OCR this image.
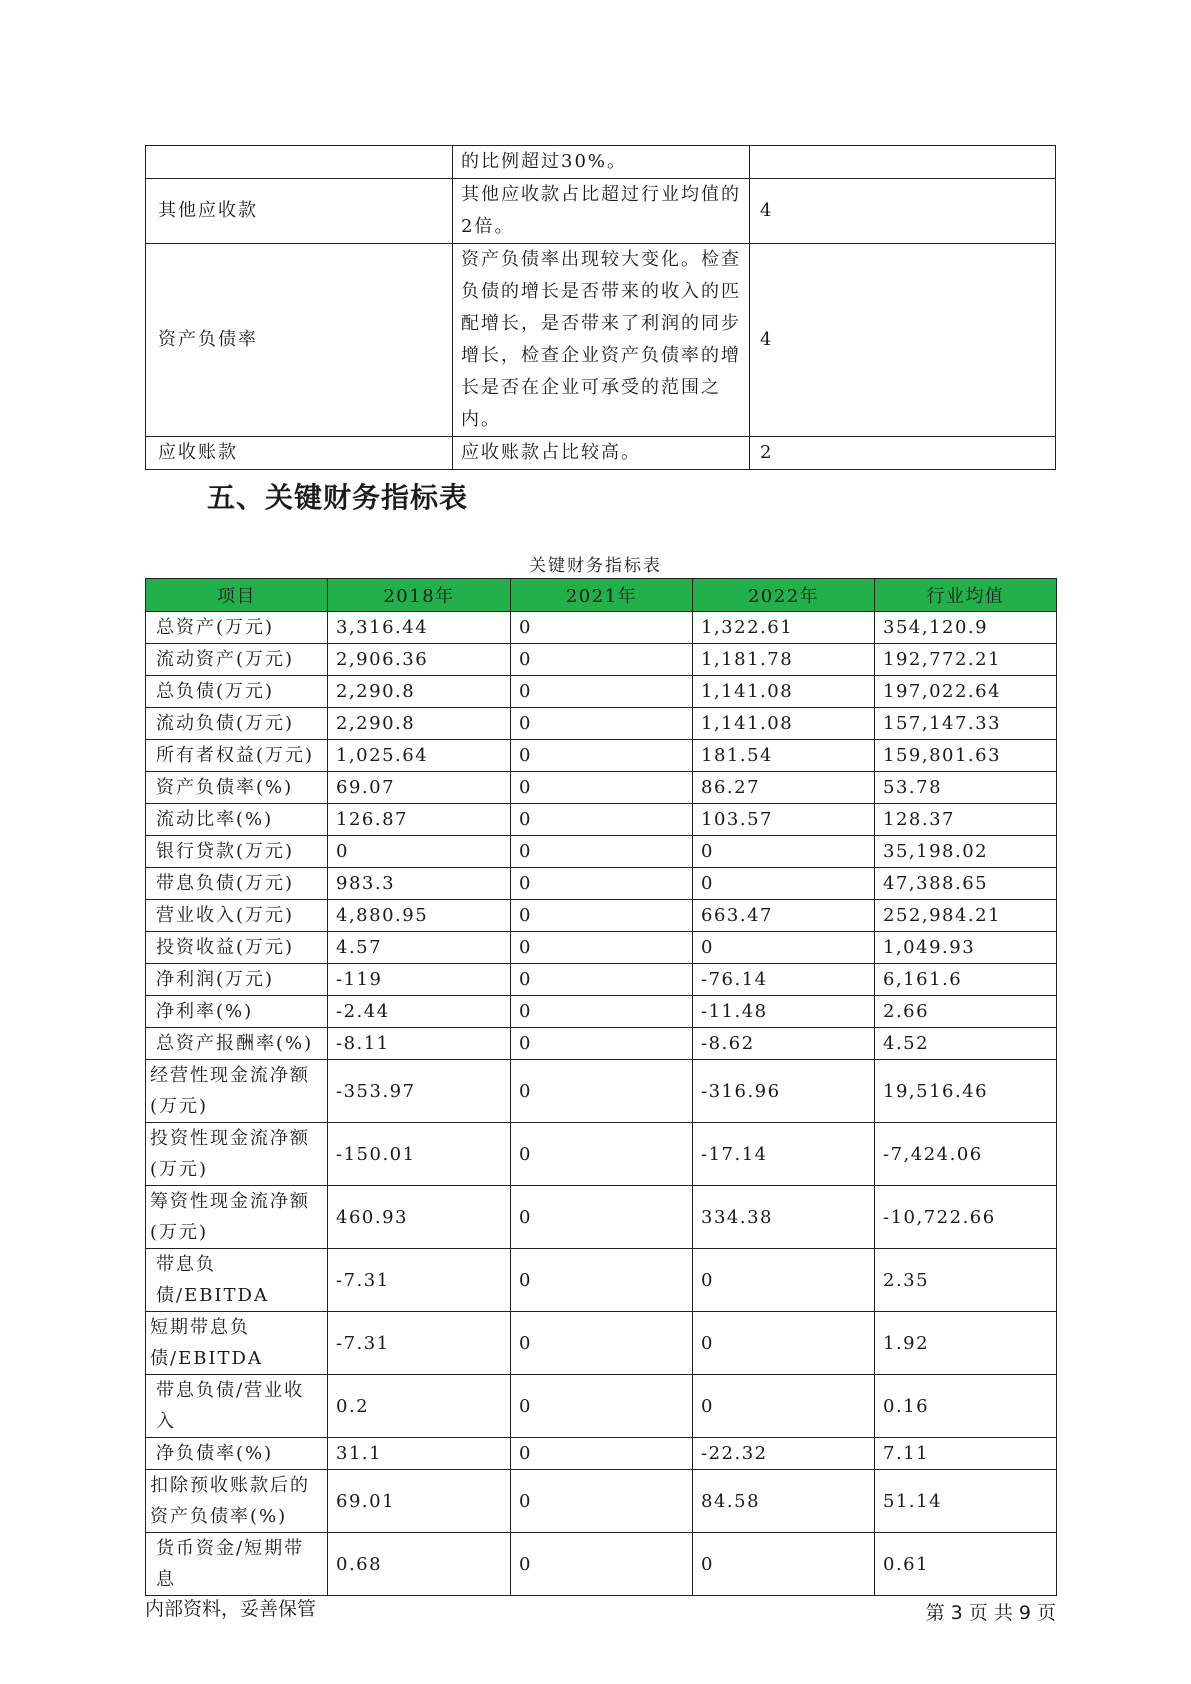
	的比例超过30%。	
其他应收款	其他应收款占比超过行业均值的2倍。	4
资产负债率	资产负债率出现较大变化。检查负债的增长是否带来的收入的匹配增长，是否带来了利润的同步增长，检查企业资产负债率的增长是否在企业可承受的范围之内。	4
应收账款	应收账款占比较高。	2
五、关键财务指标表
关键财务指标表
项目	2018年	2021年	2022年	行业均值
总资产(万元)	3,316.44	0	1,322.61	354,120.9
流动资产(万元)	2,906.36	0	1,181.78	192,772.21
总负债(万元)	2,290.8	0	1,141.08	197,022.64
流动负债(万元)	2,290.8	0	1,141.08	157,147.33
所有者权益(万元)	1,025.64	0	181.54	159,801.63
资产负债率(%)	69.07	0	86.27	53.78
流动比率(%)	126.87	0	103.57	128.37
银行贷款(万元)	0	0	0	35,198.02
带息负债(万元)	983.3	0	0	47,388.65
营业收入(万元)	4,880.95	0	663.47	252,984.21
投资收益(万元)	4.57	0	0	1,049.93
净利润(万元)	-119	0	-76.14	6,161.6
净利率(%)	-2.44	0	-11.48	2.66
总资产报酬率(%)	-8.11	0	-8.62	4.52
经营性现金流净额(万元)	-353.97	0	-316.96	19,516.46
投资性现金流净额(万元)	-150.01	0	-17.14	-7,424.06
筹资性现金流净额(万元)	460.93	0	334.38	-10,722.66
带息负债/EBITDA	-7.31	0	0	2.35
短期带息负债/EBITDA	-7.31	0	0	1.92
带息负债/营业收入	0.2	0	0	0.16
净负债率(%)	31.1	0	-22.32	7.11
扣除预收账款后的资产负债率(%)	69.01	0	84.58	51.14
货币资金/短期带息	0.68	0	0	0.61
内部资料，妥善保管	第 3 页 共 9 页
